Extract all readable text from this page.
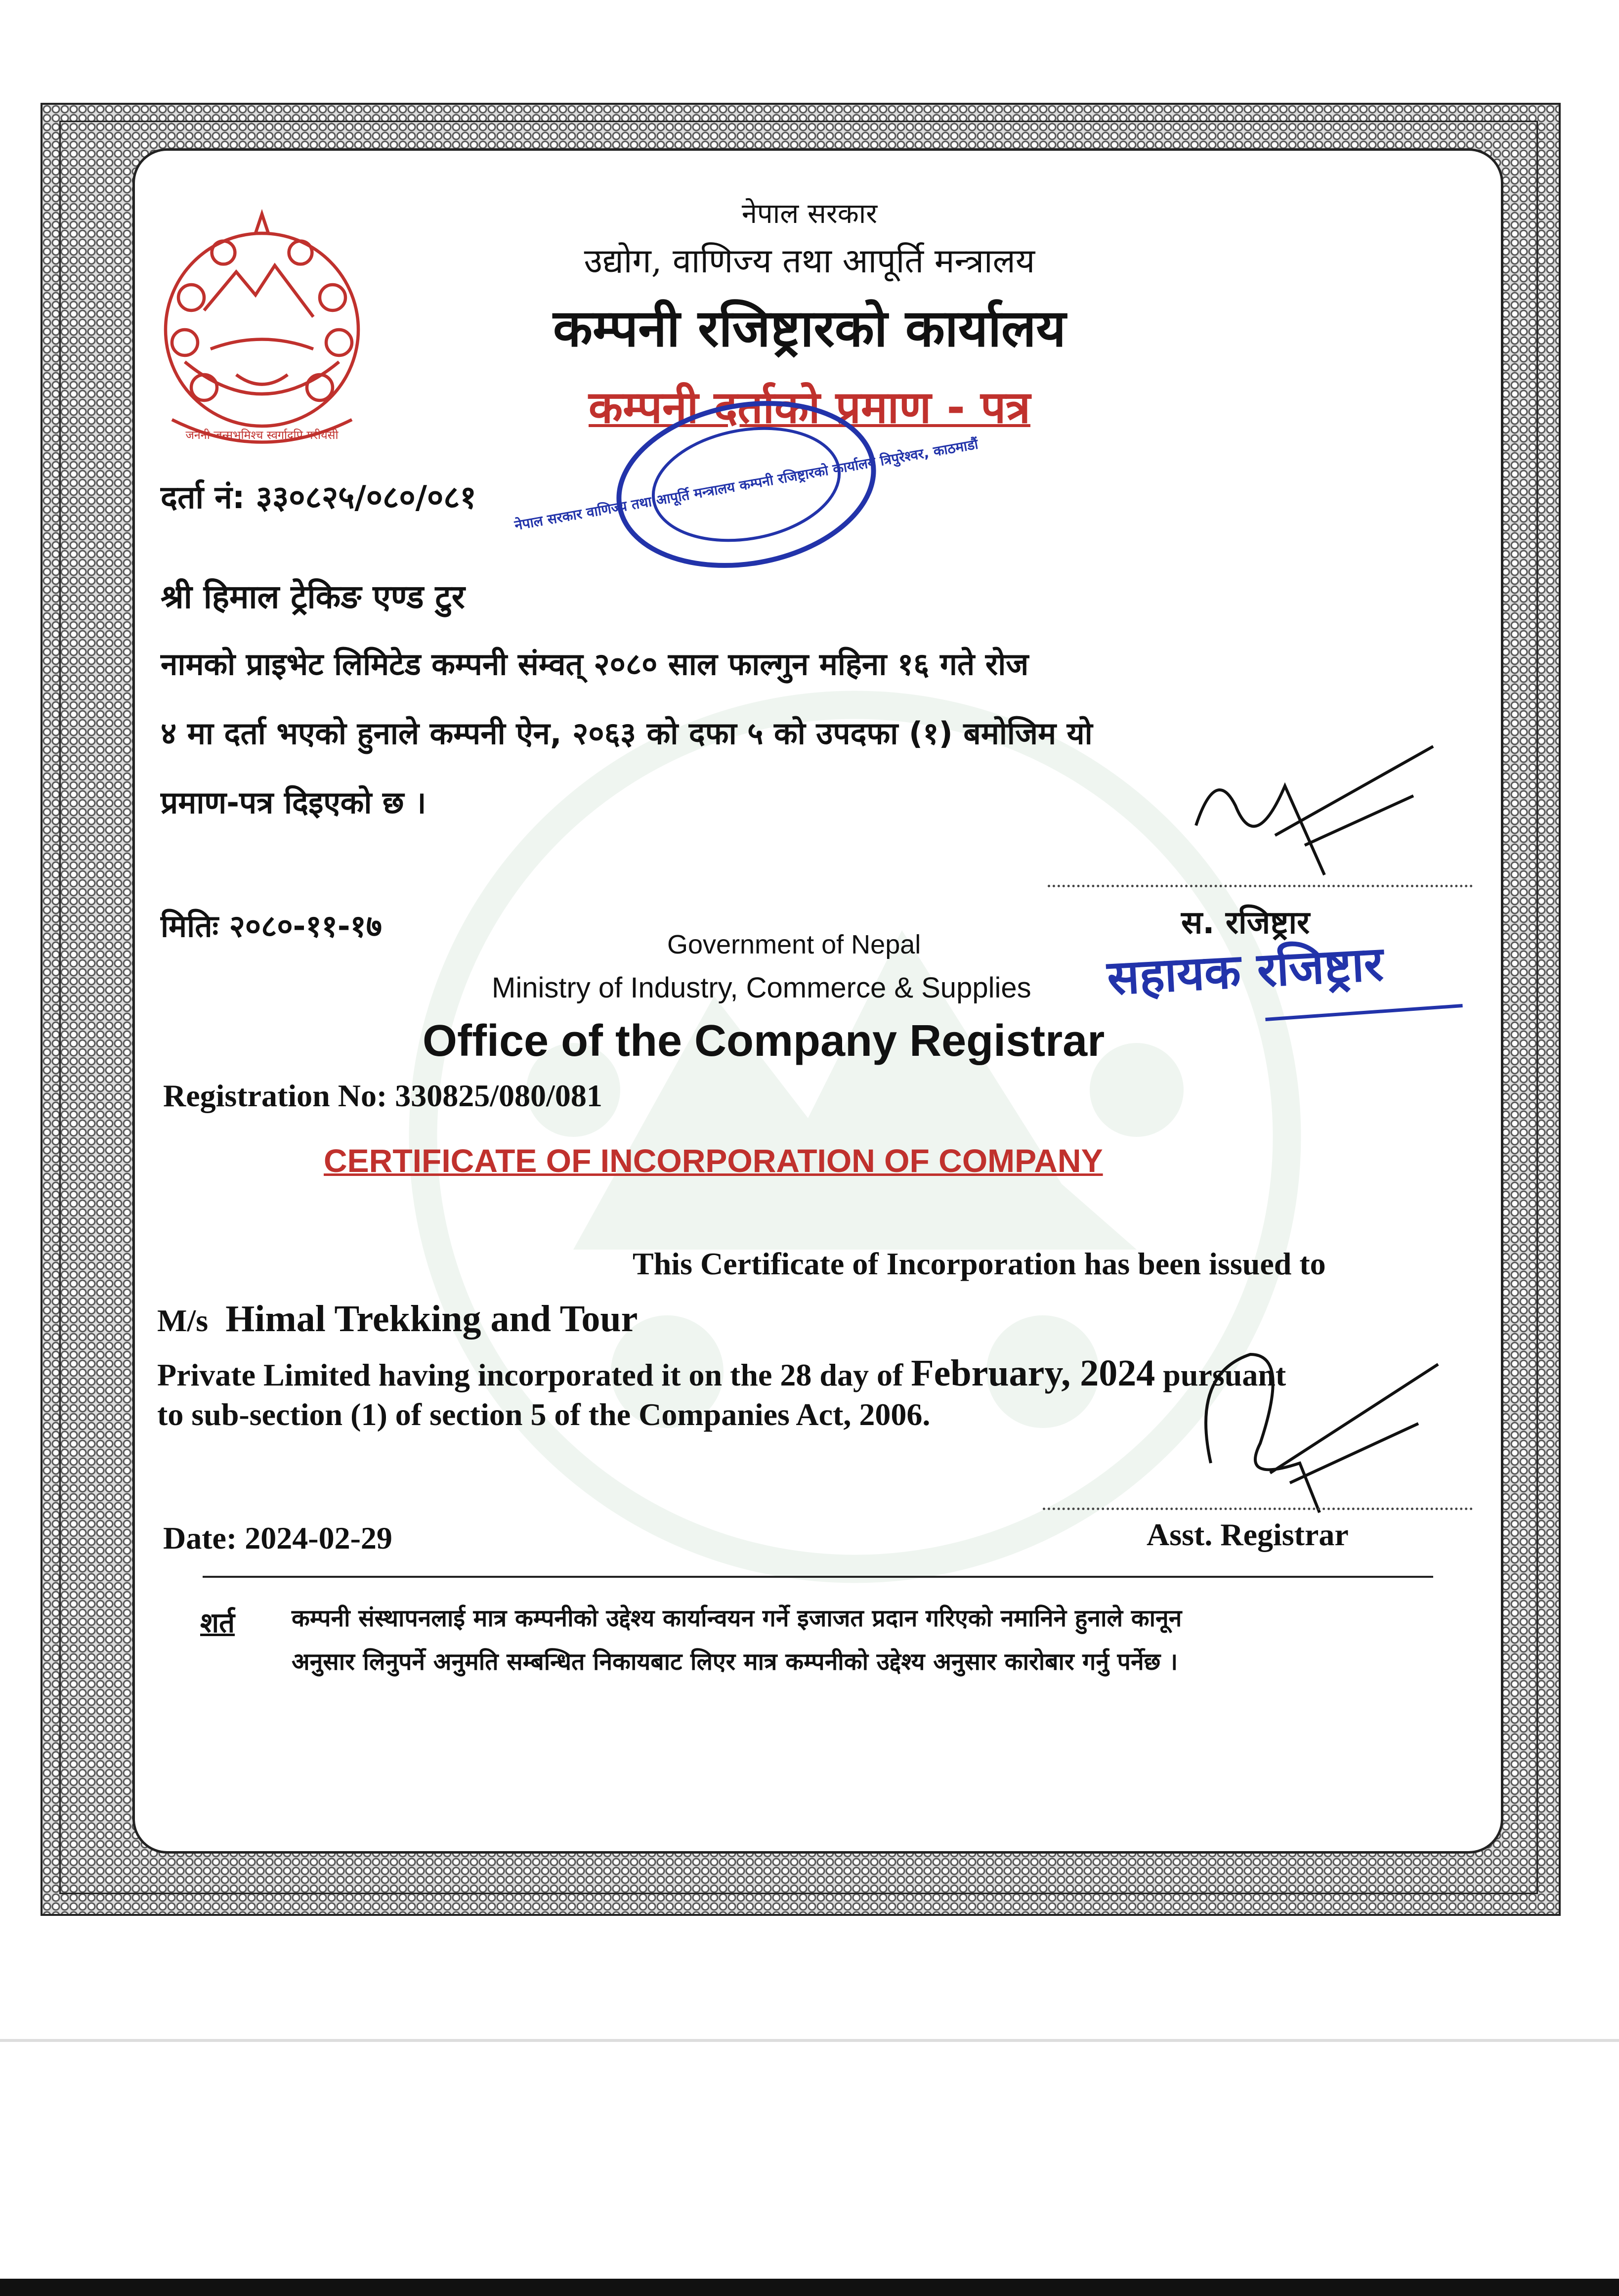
जननी जन्मभूमिश्च स्वर्गादपि गरीयसी
नेपाल सरकार
उद्योग, वाणिज्य तथा आपूर्ति मन्त्रालय
कम्पनी रजिष्ट्रारको कार्यालय
कम्पनी दर्ताको प्रमाण - पत्र
नेपाल सरकार वाणिज्य तथा आपूर्ति मन्त्रालय कम्पनी रजिष्ट्रारको कार्यालय त्रिपुरेश्वर, काठमाडौं
दर्ता नं: ३३०८२५/०८०/०८१
श्री हिमाल ट्रेकिङ एण्ड टुर
नामको प्राइभेट लिमिटेड कम्पनी संम्वत् २०८० साल फाल्गुन महिना १६ गते रोज
४ मा दर्ता भएको हुनाले कम्पनी ऐन, २०६३ को दफा ५ को उपदफा (१) बमोजिम यो
प्रमाण-पत्र दिइएको छ ।
मितिः २०८०-११-१७	स. रजिष्ट्रार
सहायक रजिष्ट्रार
Government of Nepal
Ministry of Industry, Commerce & Supplies
Office of the Company Registrar
Registration No: 330825/080/081
CERTIFICATE OF INCORPORATION OF COMPANY
This Certificate of Incorporation has been issued to
M/s Himal Trekking and Tour
Private Limited having incorporated it on the 28 day of February, 2024 pursuant
to sub-section (1) of section 5 of the Companies Act, 2006.
Date: 2024-02-29	Asst. Registrar
शर्त कम्पनी संस्थापनलाई मात्र कम्पनीको उद्देश्य कार्यान्वयन गर्ने इजाजत प्रदान गरिएको नमानिने हुनाले कानून
अनुसार लिनुपर्ने अनुमति सम्बन्धित निकायबाट लिएर मात्र कम्पनीको उद्देश्य अनुसार कारोबार गर्नु पर्नेछ ।
